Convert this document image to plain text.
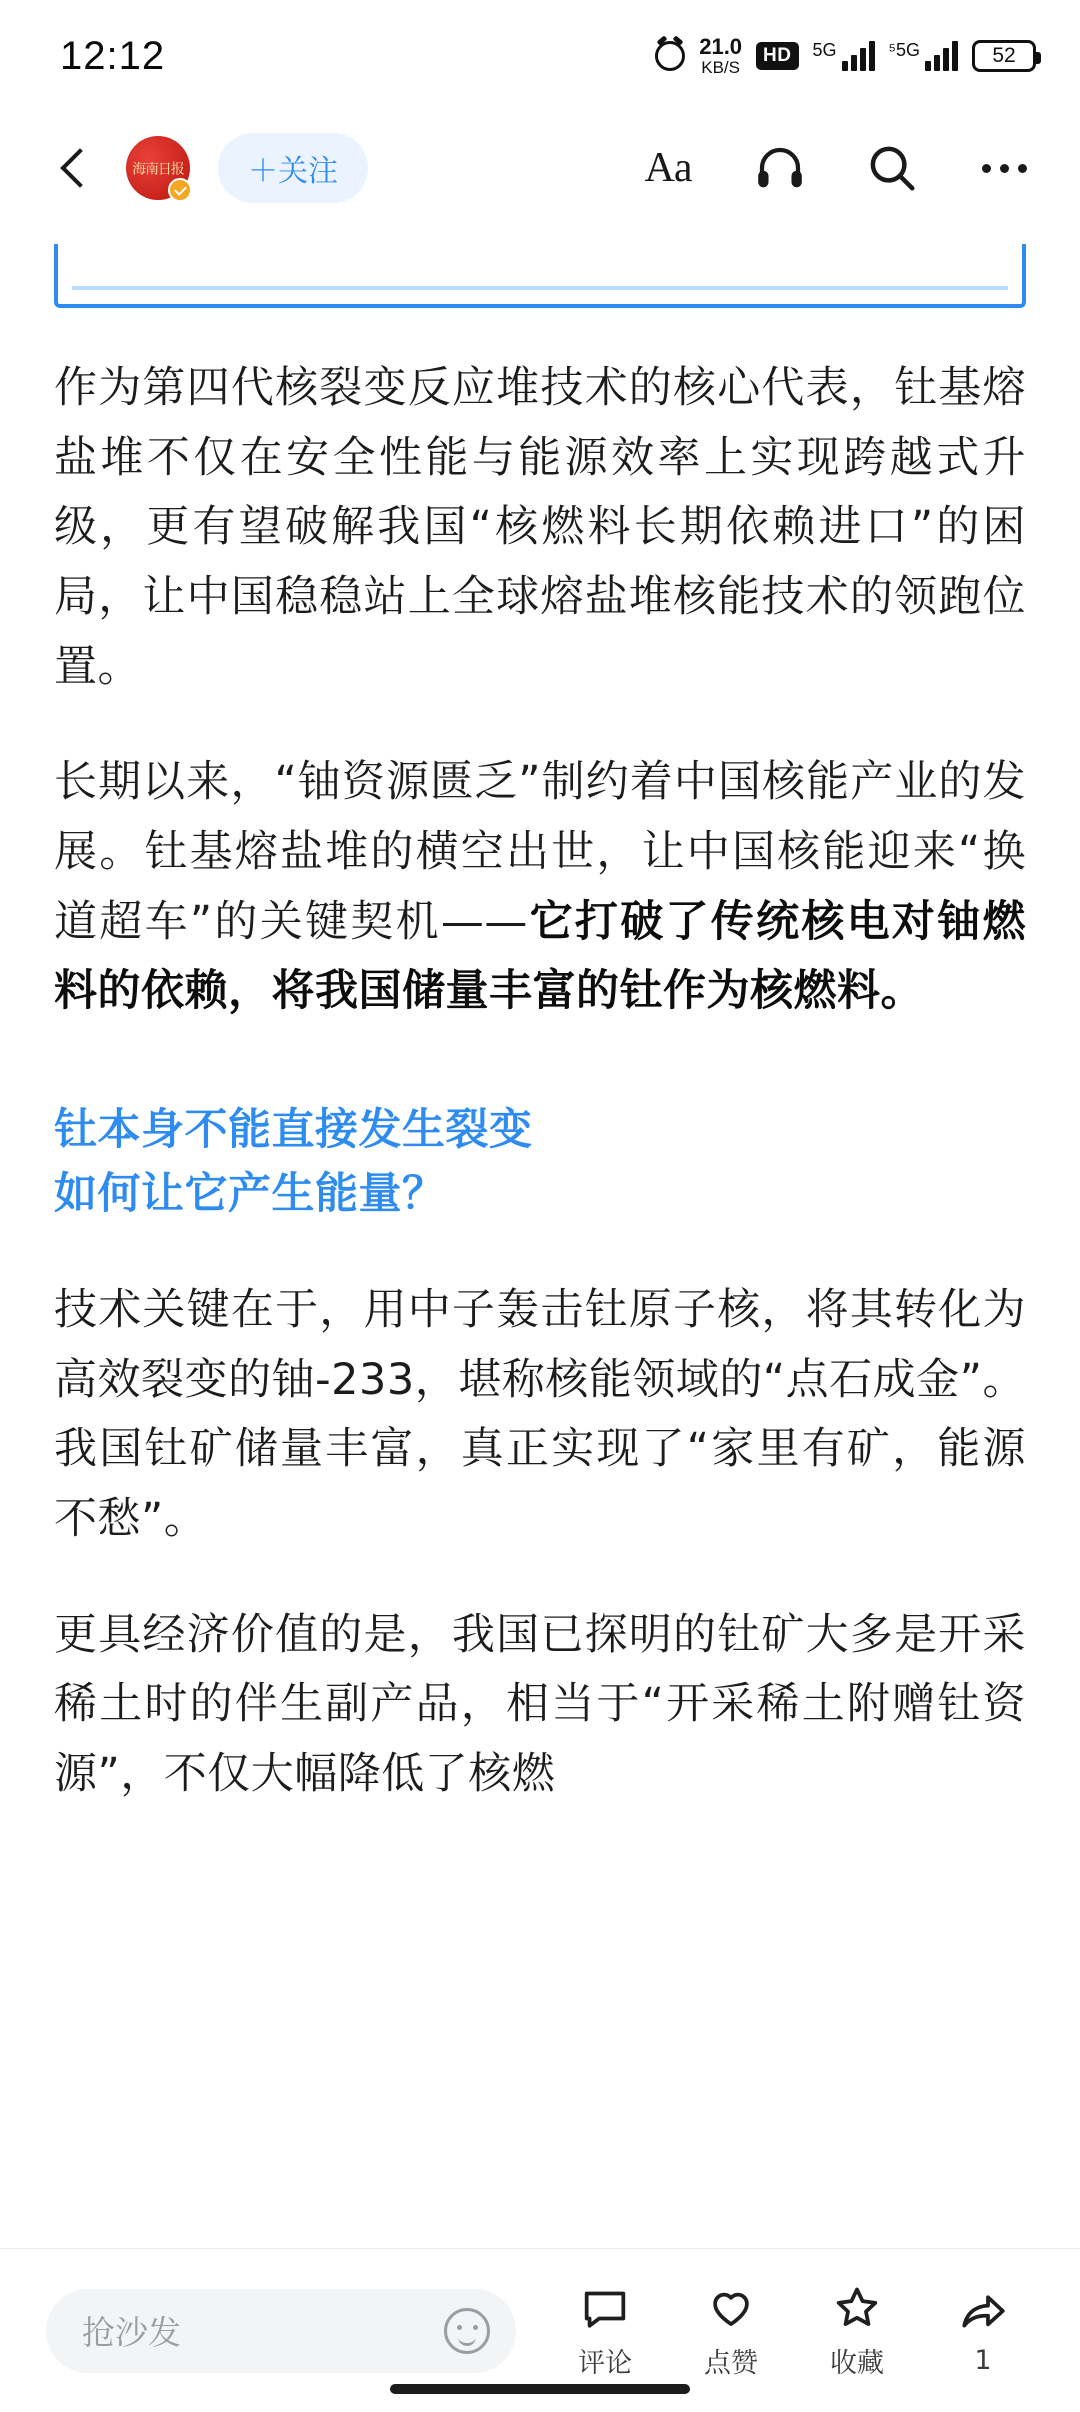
12:12	21.0
KB/S
HD	5G	⁵5G	52
海南日报	＋关注	Aa

作为第四代核裂变反应堆技术的核心代表，钍基熔盐堆不仅在安全性能与能源效率上实现跨越式升级，更有望破解我国“核燃料长期依赖进口”的困局，让中国稳稳站上全球熔盐堆核能技术的领跑位置。

长期以来，“铀资源匮乏”制约着中国核能产业的发展。钍基熔盐堆的横空出世，让中国核能迎来“换道超车”的关键契机——它打破了传统核电对铀燃料的依赖，将我国储量丰富的钍作为核燃料。

钍本身不能直接发生裂变
如何让它产生能量？

技术关键在于，用中子轰击钍原子核，将其转化为高效裂变的铀-233，堪称核能领域的“点石成金”。我国钍矿储量丰富，真正实现了“家里有矿，能源不愁”。

更具经济价值的是，我国已探明的钍矿大多是开采稀土时的伴生副产品，相当于“开采稀土附赠钍资源”，不仅大幅降低了核燃

抢沙发
评论	点赞	收藏	1
